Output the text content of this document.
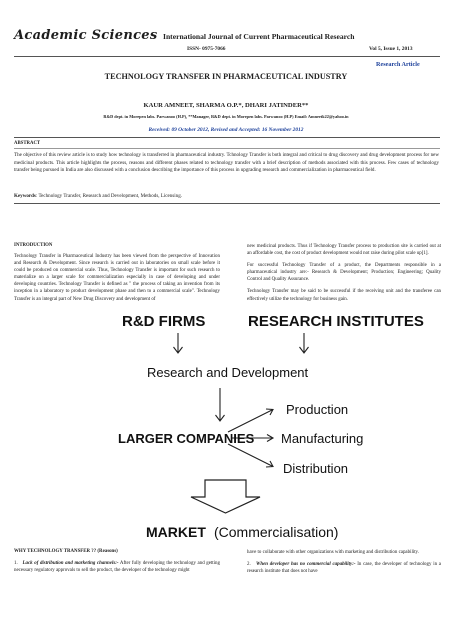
Academic Sciences International Journal of Current Pharmaceutical Research
ISSN- 0975-7066	Vol 5, Issue 1, 2013
Research Article
TECHNOLOGY TRANSFER IN PHARMACEUTICAL INDUSTRY
KAUR AMNEET, SHARMA O.P.*, DHARI JATINDER**
R&D dept. in Morepen labs. Parwanoo (H.P), **Manager, R&D dept. in Morepen labs. Parwanoo (H.P) Email: Amneetk22@yahoo.in
Received: 09 October 2012, Revised and Accepted: 16 November 2012
ABSTRACT
The objective of this review article is to study how technology is transferred in pharmaceutical industry. Tchnology Transfer is both integral and critical to drug discovery and drug development process for new medicinal products. This article highlights the process, reasons and different phases related to technology transfer with a brief description of methods associated with this process. Few cases of technology transfer being pursued in India are also discussed with a conclusion describing the importance of this process in upgrading research and commercialization in pharmaceutical field.
Keywords: Technology Transfer, Research and Development, Methods, Licensing.
INTRODUCTION

Technology Transfer in Pharmaceutical Industry has been viewed from the perspective of Innovation and Research & Development. Since research is carried out in laboratories on small scale before it could be produced on commercial scale. Thus, Technology Transfer is important for such research to materialize on a larger scale for commercialization especially in case of developing and under developing countries. Technology Transfer is defined as " the process of taking an invention from its inception in a laboratory to product development phase and then to a commercial scale". Technology Transfer is an integral part of New Drug Discovery and development of

new medicinal products. Thus if Technology Transfer process to production site is carried out at an affordable cost, the cost of product development would not raise during pilot scale up[1].

For successful Technology Transfer of a product, the Departments responsible in a pharmaceutical industry are:- Research & Development; Production; Engineering; Quality Control and Quality Assurance.

Technology Transfer may be said to be successful if the receiving unit and the transferee can effectively utilize the technology for business gain.

R&D FIRMS	RESEARCH INSTITUTES
Research and Development
Production
LARGER COMPANIES Manufacturing
Distribution
MARKET (Commercialisation)
WHY TECHNOLOGY TRANSFER ?? (Reasons)

1. Lack of distribution and marketing channels:- After fully developing the technology and getting necessary regulatory approvals to sell the product, the developer of the technology might

have to collaborate with other organizations with marketing and distribution capability.

2. When developer has no commercial capability:- In case, the developer of technology in a research institute that does not have
